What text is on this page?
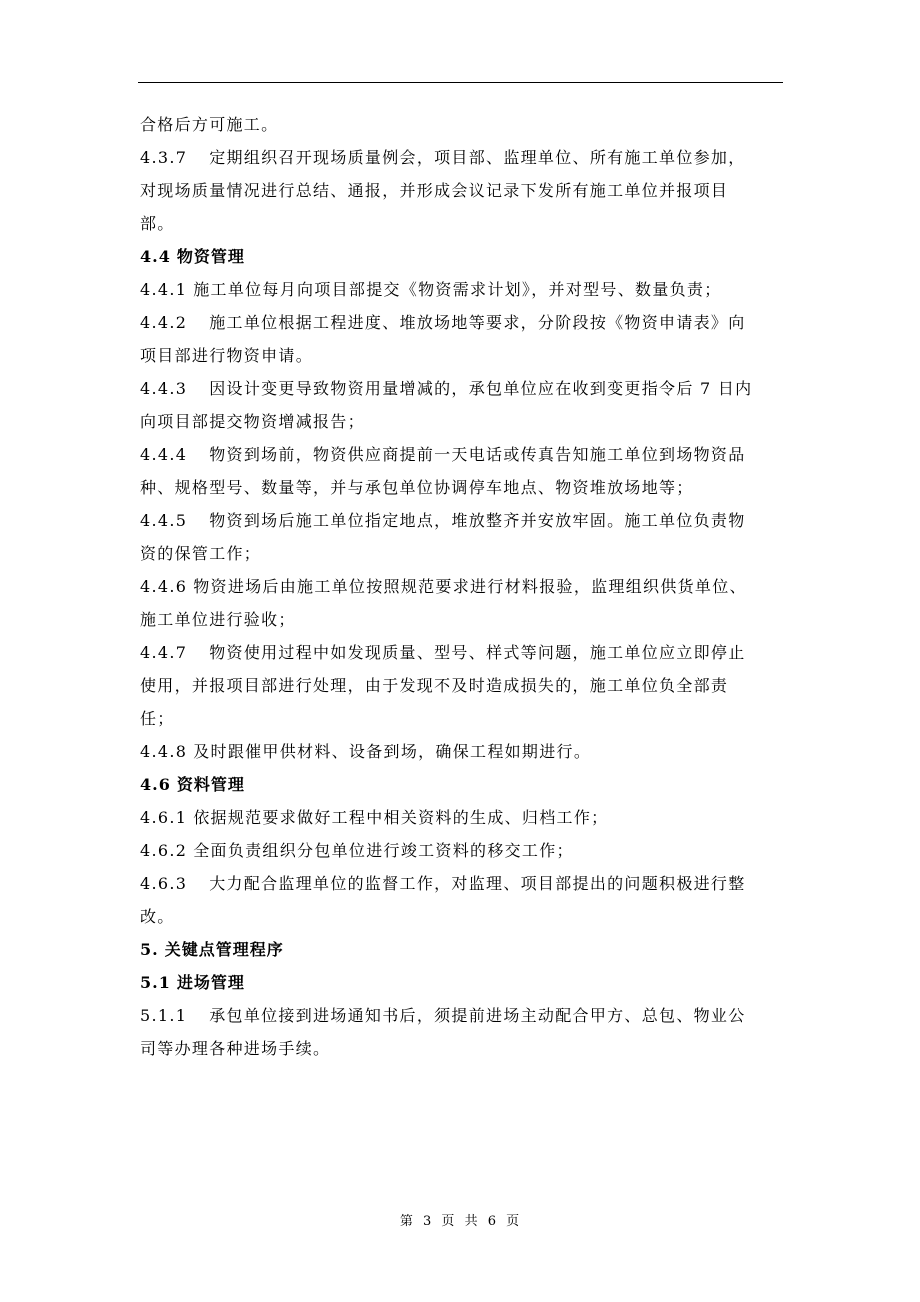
合格后方可施工。
4.3.7 定期组织召开现场质量例会，项目部、监理单位、所有施工单位参加，
对现场质量情况进行总结、通报，并形成会议记录下发所有施工单位并报项目
部。
4.4 物资管理
4.4.1 施工单位每月向项目部提交《物资需求计划》，并对型号、数量负责；
4.4.2 施工单位根据工程进度、堆放场地等要求，分阶段按《物资申请表》向
项目部进行物资申请。
4.4.3 因设计变更导致物资用量增减的，承包单位应在收到变更指令后 7 日内
向项目部提交物资增减报告；
4.4.4 物资到场前，物资供应商提前一天电话或传真告知施工单位到场物资品
种、规格型号、数量等，并与承包单位协调停车地点、物资堆放场地等；
4.4.5 物资到场后施工单位指定地点，堆放整齐并安放牢固。施工单位负责物
资的保管工作；
4.4.6 物资进场后由施工单位按照规范要求进行材料报验，监理组织供货单位、
施工单位进行验收；
4.4.7 物资使用过程中如发现质量、型号、样式等问题，施工单位应立即停止
使用，并报项目部进行处理，由于发现不及时造成损失的，施工单位负全部责
任；
4.4.8 及时跟催甲供材料、设备到场，确保工程如期进行。
4.6 资料管理
4.6.1 依据规范要求做好工程中相关资料的生成、归档工作；
4.6.2 全面负责组织分包单位进行竣工资料的移交工作；
4.6.3 大力配合监理单位的监督工作，对监理、项目部提出的问题积极进行整
改。
5. 关键点管理程序
5.1 进场管理
5.1.1 承包单位接到进场通知书后，须提前进场主动配合甲方、总包、物业公
司等办理各种进场手续。
第 3 页 共 6 页
